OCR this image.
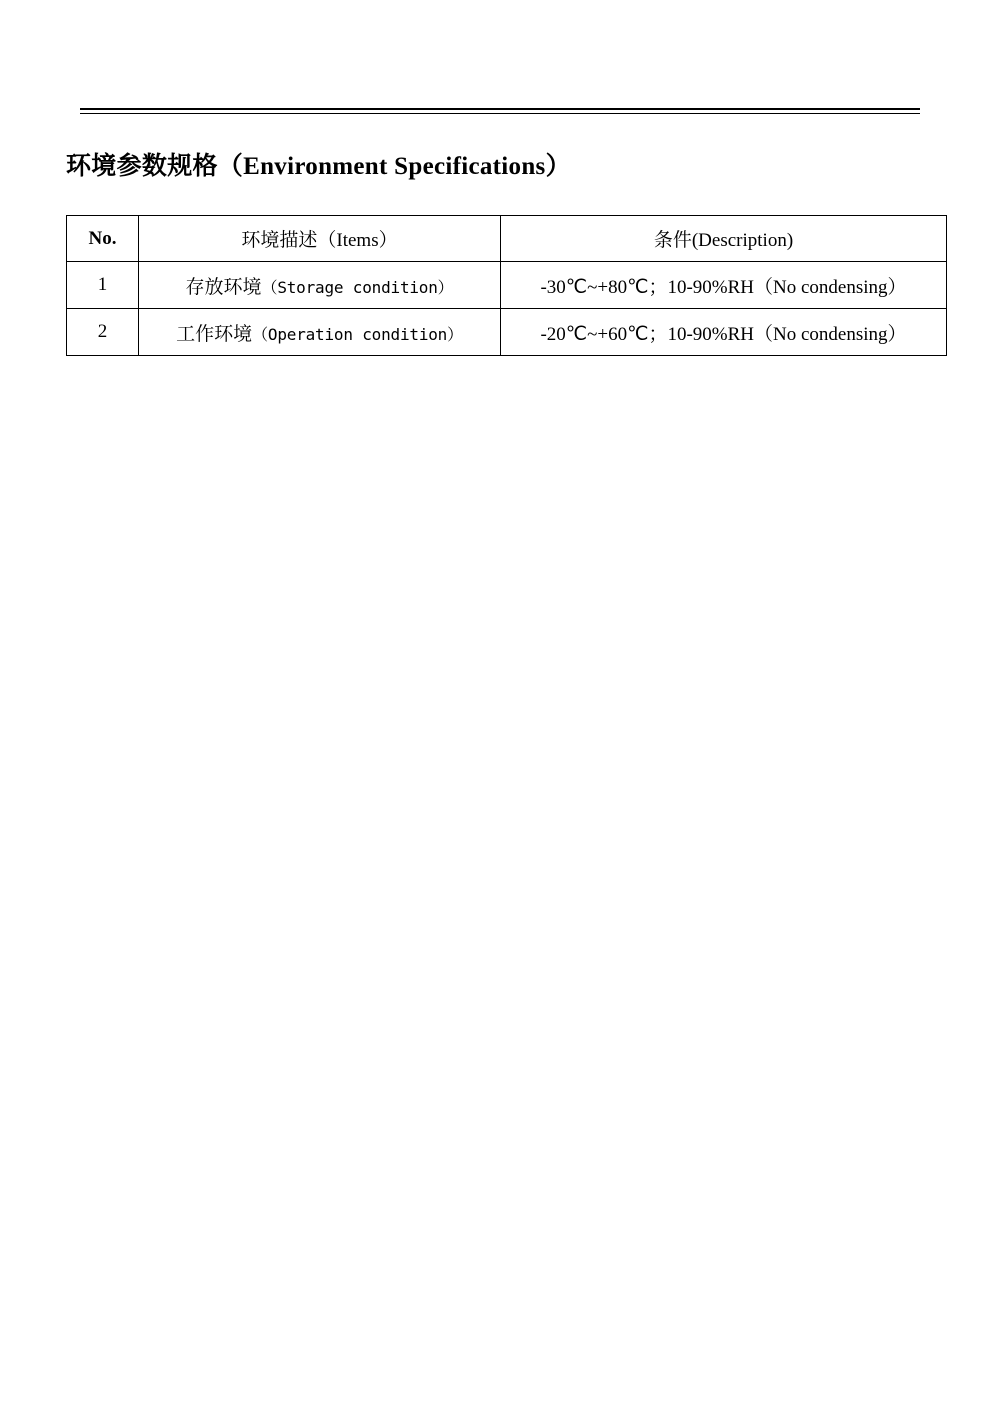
环境参数规格（Environment Specifications）
No.	环境描述（Items）	条件(Description)
1	存放环境（Storage condition）	-30℃~+80℃；10-90%RH（No condensing）
2	工作环境（Operation condition）	-20℃~+60℃；10-90%RH（No condensing）
